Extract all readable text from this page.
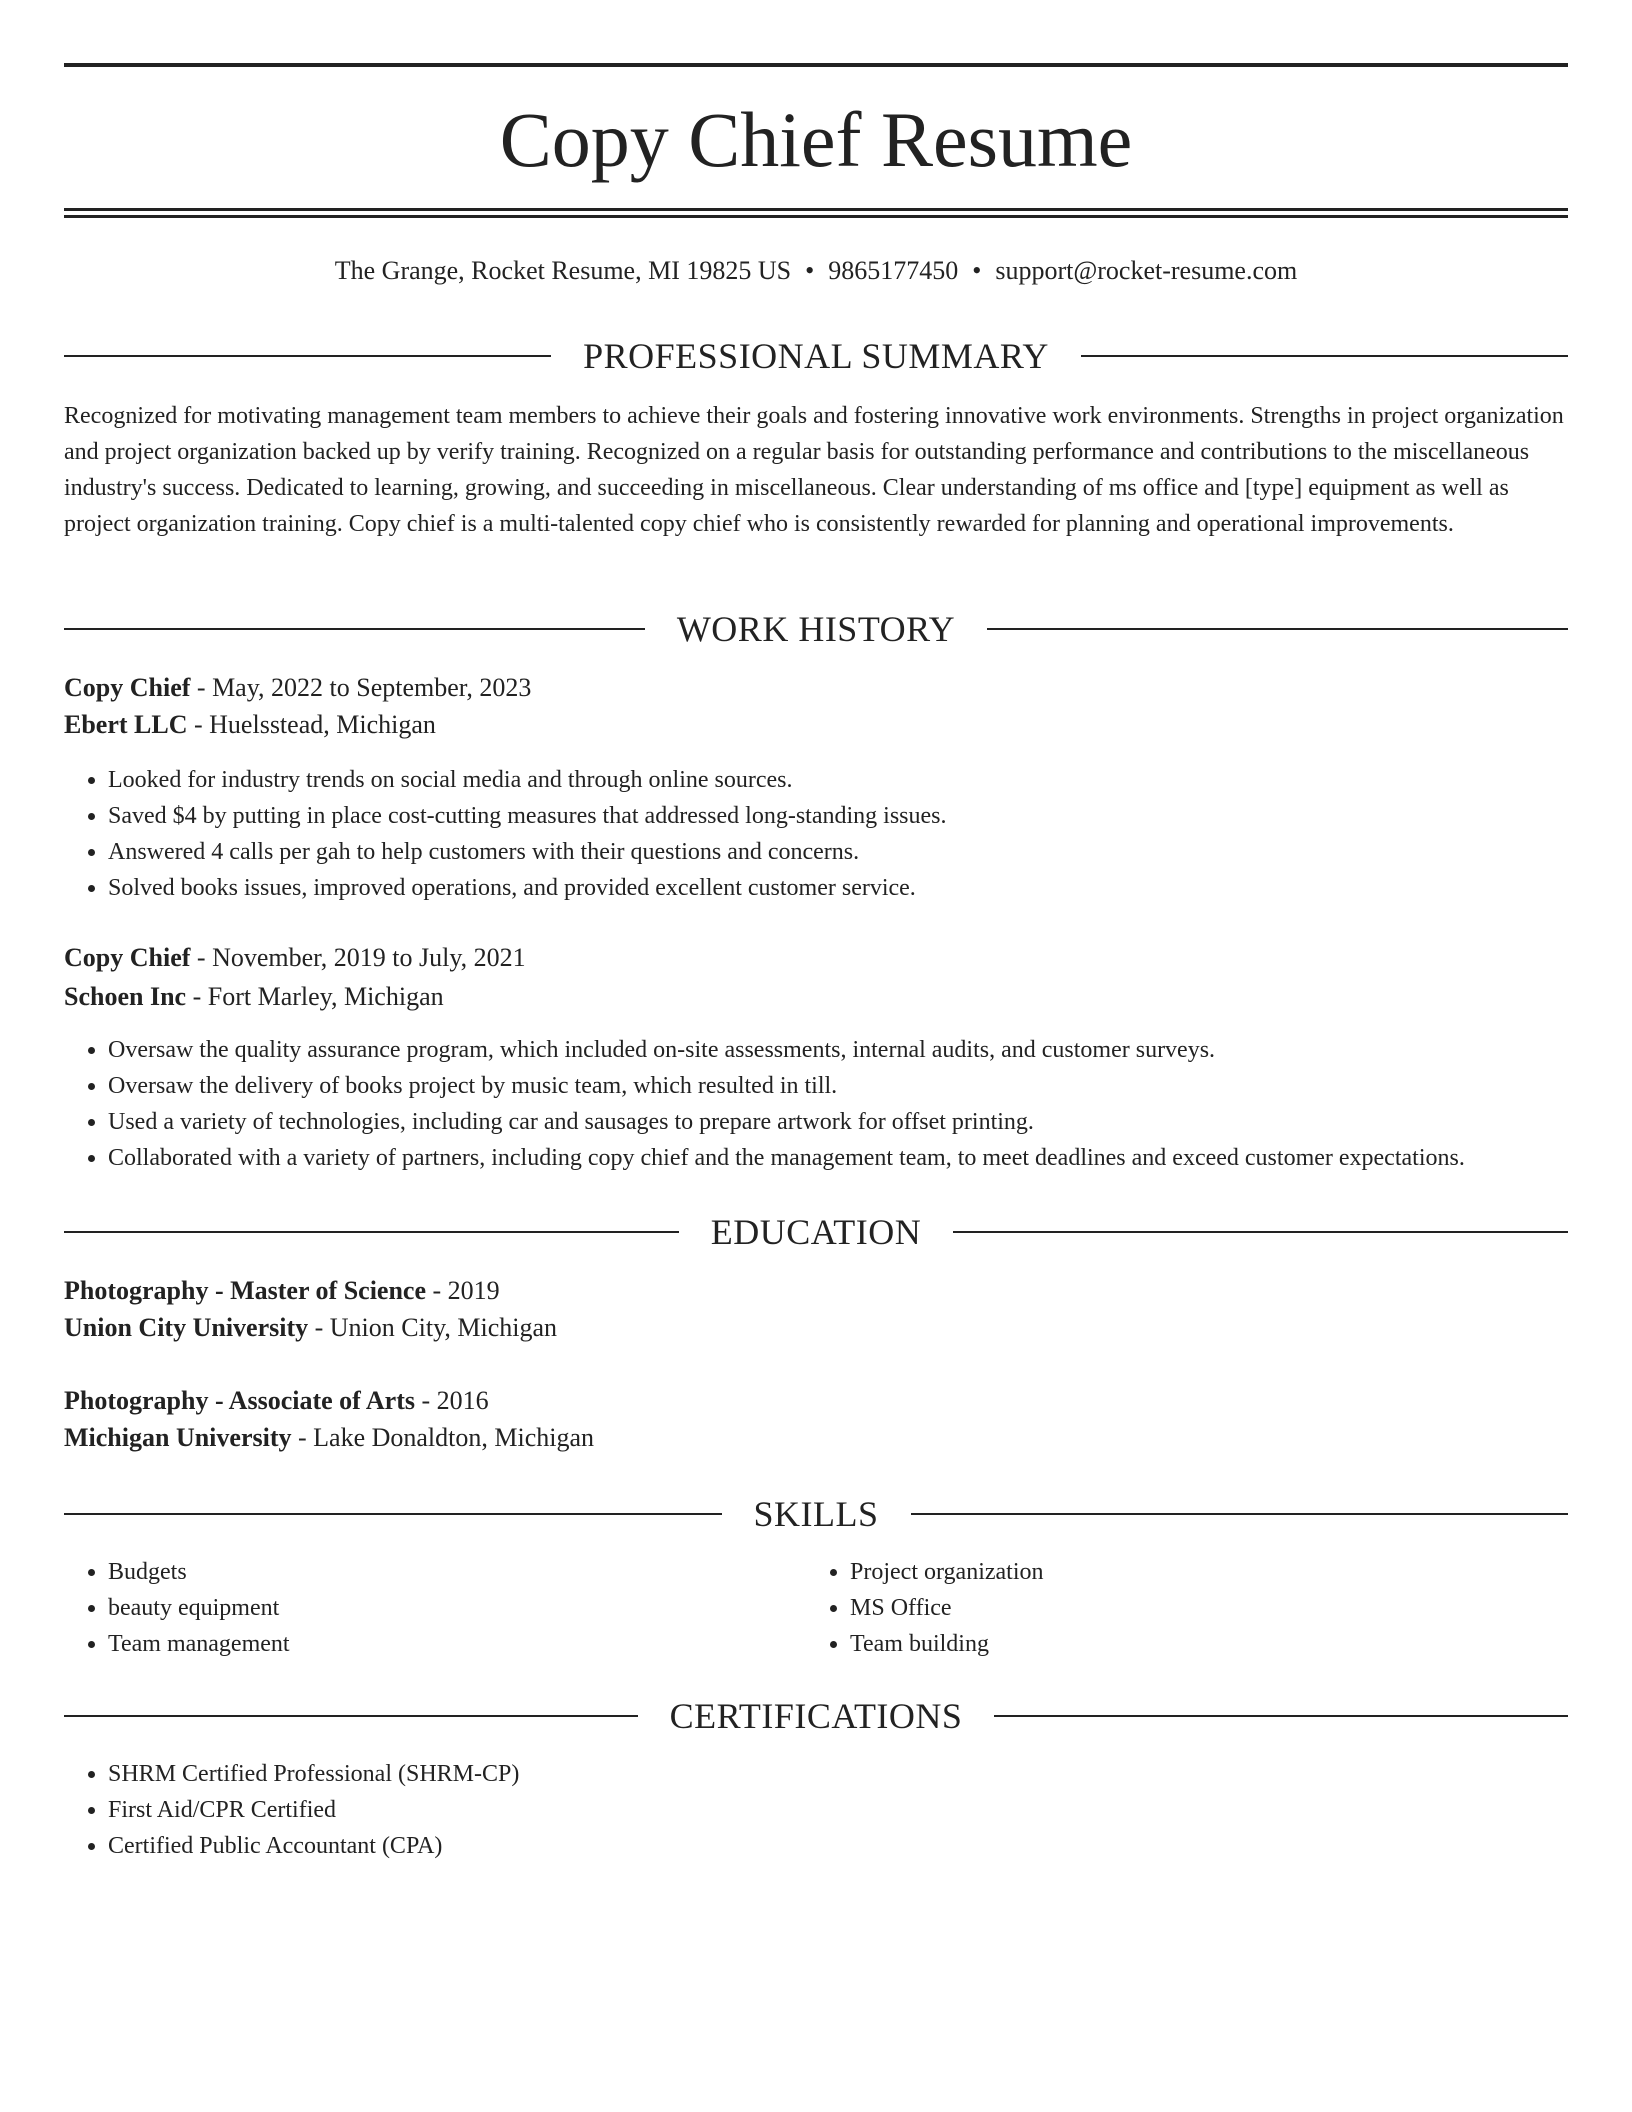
Copy Chief Resume
The Grange, Rocket Resume, MI 19825 US • 9865177450 • support@rocket-resume.com
PROFESSIONAL SUMMARY

Recognized for motivating management team members to achieve their goals and fostering innovative work environments. Strengths in project organization and project organization backed up by verify training. Recognized on a regular basis for outstanding performance and contributions to the miscellaneous industry's success. Dedicated to learning, growing, and succeeding in miscellaneous. Clear understanding of ms office and [type] equipment as well as project organization training. Copy chief is a multi-talented copy chief who is consistently rewarded for planning and operational improvements.

WORK HISTORY

Copy Chief - May, 2022 to September, 2023

Ebert LLC - Huelsstead, Michigan

• Looked for industry trends on social media and through online sources.
• Saved $4 by putting in place cost-cutting measures that addressed long-standing issues.
• Answered 4 calls per gah to help customers with their questions and concerns.
• Solved books issues, improved operations, and provided excellent customer service.

Copy Chief - November, 2019 to July, 2021

Schoen Inc - Fort Marley, Michigan

• Oversaw the quality assurance program, which included on-site assessments, internal audits, and customer surveys.
• Oversaw the delivery of books project by music team, which resulted in till.
• Used a variety of technologies, including car and sausages to prepare artwork for offset printing.
• Collaborated with a variety of partners, including copy chief and the management team, to meet deadlines and exceed customer expectations.
EDUCATION

Photography - Master of Science - 2019

Union City University - Union City, Michigan

Photography - Associate of Arts - 2016

Michigan University - Lake Donaldton, Michigan

SKILLS
• Budgets
• beauty equipment
• Team management
• Project organization
• MS Office
• Team building
CERTIFICATIONS
• SHRM Certified Professional (SHRM-CP)
• First Aid/CPR Certified
• Certified Public Accountant (CPA)
